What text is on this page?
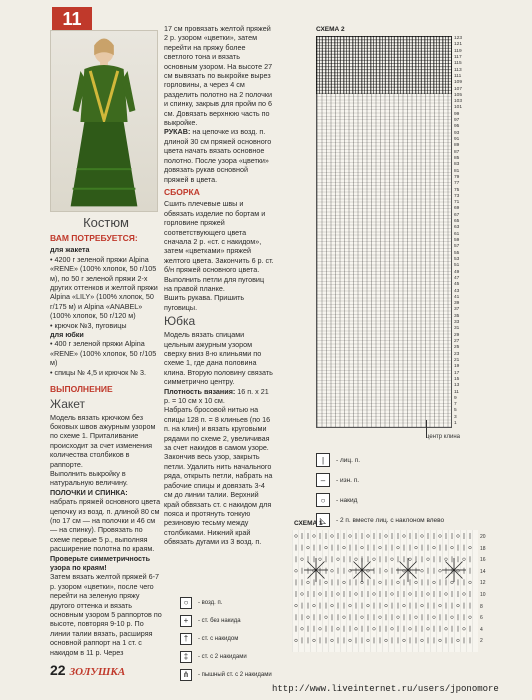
11
Костюм
ВАМ ПОТРЕБУЕТСЯ:

для жакета

• 4200 г зеленой пряжи Alpina «RENE» (100% хлопок, 50 г/105 м), по 50 г зеленой пряжи 2-х других оттенков и желтой пряжи Alpina «LILY» (100% хлопок, 50 г/175 м) и Alpina «ANABEL» (100% хлопок, 50 г/120 м)

• крючок №3, пуговицы

для юбки

• 400 г зеленой пряжи Alpina «RENE» (100% хлопок, 50 г/105 м)

• спицы № 4,5 и крючок № 3.

ВЫПОЛНЕНИЕ
Жакет

Модель вязать крючком без боковых швов ажурным узором по схеме 1. Приталивание происходит за счет изменения количества столбиков в раппорте.

Выполнить выкройку в натуральную величину.

ПОЛОЧКИ И СПИНКА:

набрать пряжей основного цвета цепочку из возд. п. длиной 80 см (по 17 см — на полочки и 46 см — на спинку). Провязать по схеме первые 5 р., выполняя расширение полотна по краям.

Проверьте симметричность узора по краям!

Затем вязать желтой пряжей 6-7 р. узором «цветки», после чего перейти на зеленую пряжу другого оттенка и вязать основным узором 5 раппортов по высоте, повторяя 9-10 р. По линии талии вязать, расширяя основной раппорт на 1 ст. с накидом в 11 р. Через

17 см провязать желтой пряжей 2 р. узором «цветки», затем перейти на пряжу более светлого тона и вязать основным узором. На высоте 27 см вывязать по выкройке вырез горловины, а через 4 см разделить полотно на 2 полочки и спинку, закрыв для пройм по 6 см. Довязать верхнюю часть по выкройке.

РУКАВ: на цепочке из возд. п. длиной 30 см пряжей основного цвета начать вязать основное полотно. После узора «цветки» довязать рукав основной пряжей в цвета.

СБОРКА

Сшить плечевые швы и обвязать изделие по бортам и горловине пряжей соответствующего цвета сначала 2 р. «ст. с накидом», затем «цветками» пряжей желтого цвета. Закончить 6 р. ст. б/н пряжей основного цвета. Выполнить петли для пуговиц на правой планке.

Вшить рукава. Пришить пуговицы.

Юбка

Модель вязать спицами цельным ажурным узором сверху вниз 8-ю клиньями по схеме 1, где дана половина клина. Вторую половину связать симметрично центру.

Плотность вязания: 16 п. х 21 р. = 10 см х 10 см.

Набрать бросовой нитью на спицы 128 п. = 8 клиньев (по 16 п. на клин) и вязать круговыми рядами по схеме 2, увеличивая за счет накидов в самом узоре. Закончив весь узор, закрыть петли. Удалить нить начального ряда, открыть петли, набрать на рабочие спицы и довязать 3-4 см до линии талии. Верхний край обвязать ст. с накидом для пояса и протянуть тонкую резиновую тесьму между столбиками. Нижний край обвязать дугами из 3 возд. п.

СХЕМА 2
123
121
119
117
115
113
111
109
107
105
103
101
99
97
95
93
91
89
87
85
83
81
79
77
75
73
71
69
67
65
63
61
59
57
55
53
51
49
47
45
43
41
39
37
35
33
31
29
27
25
23
21
19
17
15
13
11
9
7
5
3
1
центр клина
|	- лиц. п.
–	- изн. п.
○	- накид
◺	- 2 п. вместе лиц. с наклоном влево
СХЕМА 1
20
18
16
14
12
10
8
6
4
2
○	- возд. п.
+	- ст. без накида
†	- ст. с накидом
‡	- ст. с 2 накидами
⋔	- пышный ст. с 2 накидами
22 ЗОЛУШКА
http://www.liveinternet.ru/users/jponomore
